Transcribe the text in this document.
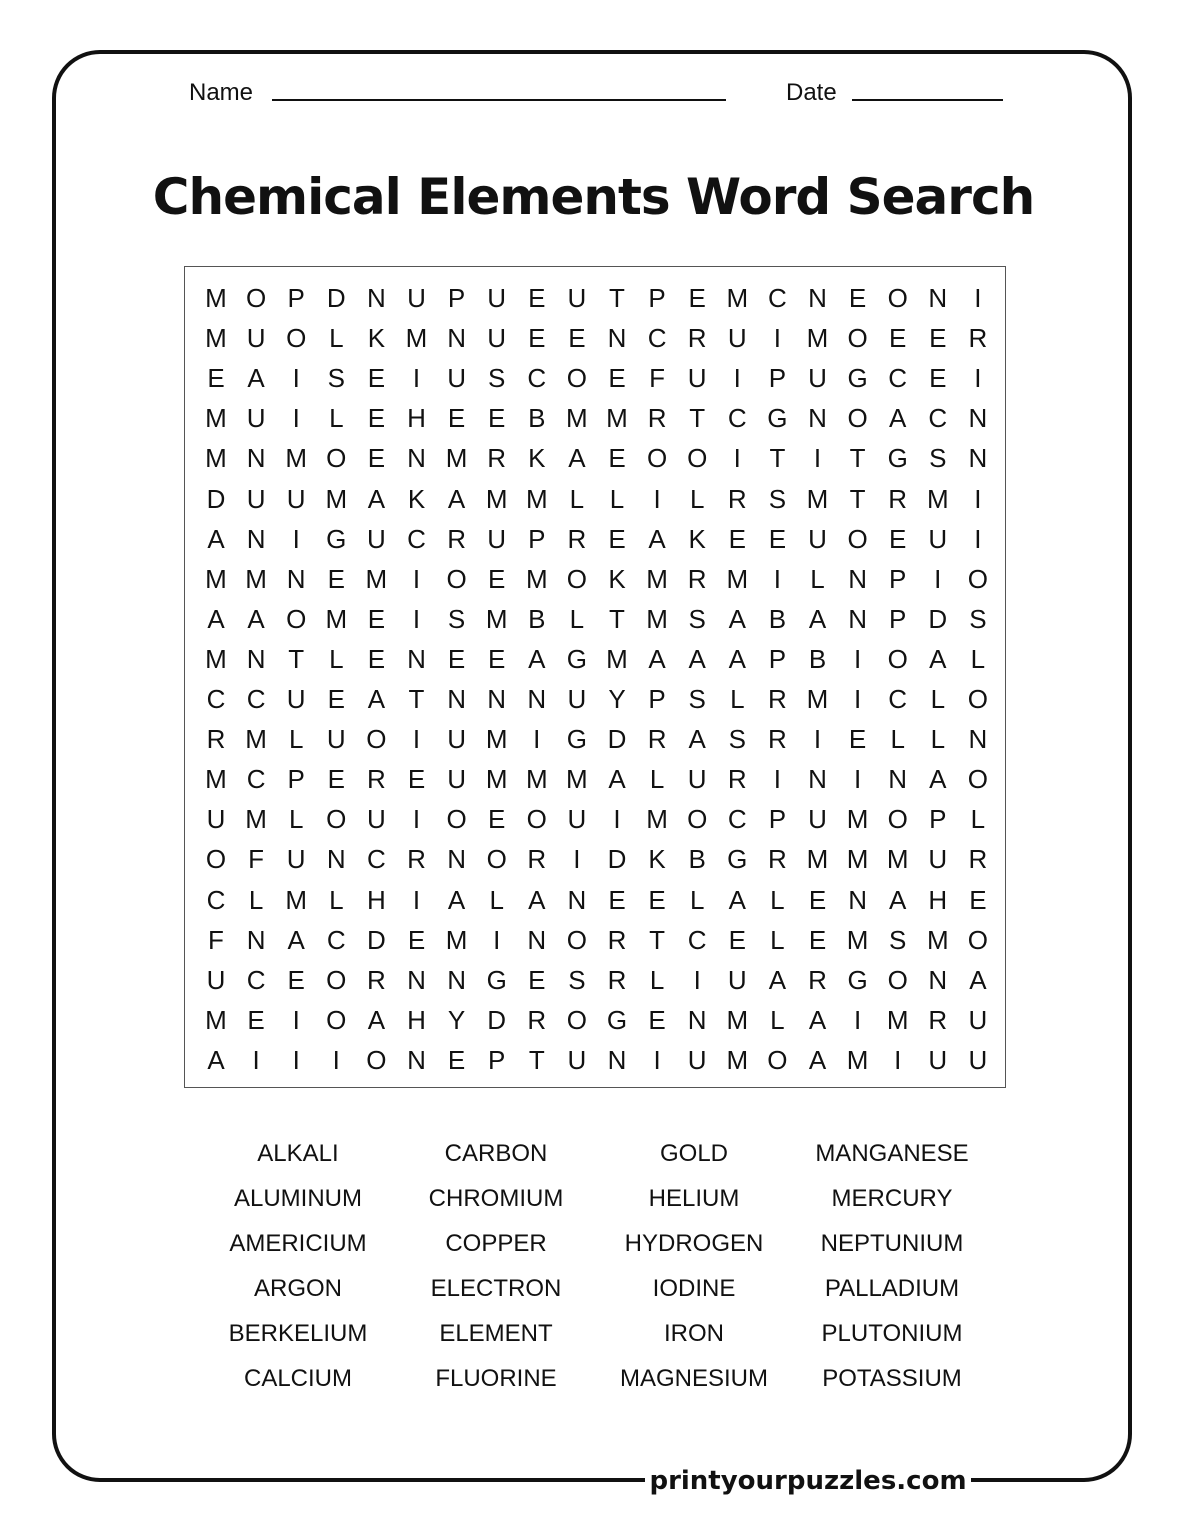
Name	Date
Chemical Elements Word Search
M O P D N U P U E U T P E M C N E O N	I
M U O L K M N U E E N C R U	I M O E E R
E A	I	S E	I	U S C O E F U	I	P U G C E	I
M U	I	L E H E E B M M R T C G N O A C N
M N M O E N M R K A E O O	I	T	I	T G S N
D U U M A K A M M L L	I	L R S M T R M I
A N	I	G U C R U P R E A K E E U O E U	I
M M N E M I	O E M O K M R M I	L N P	I	O
A A O M E	I	S M B L T M S A B A N P D S
M N T L E N E E A G M A A A P B	I	O A L
C C U E A T N N N U Y P S L R M I	C L O
R M L U O	I	U M I	G D R A S R	I	E L L N
M C P E R E U M M M A L U R	I	N	I	N A O
U M L O U	I	O E O U	I M O C P U M O P L
O F U N C R N O R	I	D K B G R M M M U R
C L M L H	I	A L A N E E L A L E N A H E
F N A C D E M I	N O R T C E L E M S M O
U C E O R N N G E S R L	I	U A R G O N A
M E	I	O A H Y D R O G E N M L A	I M R U
A	I	I	I	O N E P T U N	I	U M O A M I	U U
ALKALI
ALUMINUM
AMERICIUM
ARGON
BERKELIUM
CALCIUM
CARBON
CHROMIUM
COPPER
ELECTRON
ELEMENT
FLUORINE
GOLD
HELIUM
HYDROGEN
IODINE
IRON
MAGNESIUM
MANGANESE
MERCURY
NEPTUNIUM
PALLADIUM
PLUTONIUM
POTASSIUM
printyourpuzzles.com
